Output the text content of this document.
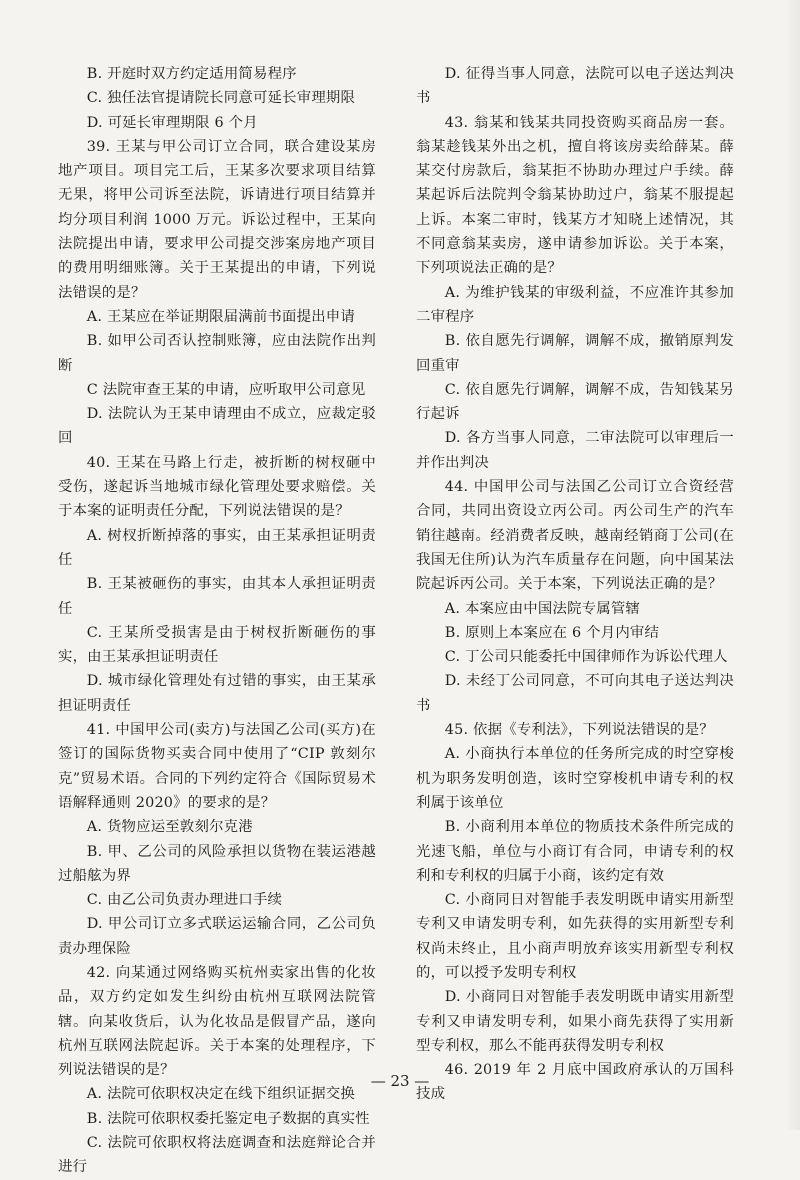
B. 开庭时双方约定适用简易程序

C. 独任法官提请院长同意可延长审理期限

D. 可延长审理期限 6 个月

39. 王某与甲公司订立合同，联合建设某房地产项目。项目完工后，王某多次要求项目结算无果，将甲公司诉至法院，诉请进行项目结算并均分项目利润 1000 万元。诉讼过程中，王某向法院提出申请，要求甲公司提交涉案房地产项目的费用明细账簿。关于王某提出的申请，下列说法错误的是？

A. 王某应在举证期限届满前书面提出申请

B. 如甲公司否认控制账簿，应由法院作出判断

C 法院审查王某的申请，应听取甲公司意见

D. 法院认为王某申请理由不成立，应裁定驳回

40. 王某在马路上行走，被折断的树杈砸中受伤，遂起诉当地城市绿化管理处要求赔偿。关于本案的证明责任分配，下列说法错误的是？

A. 树杈折断掉落的事实，由王某承担证明责任

B. 王某被砸伤的事实，由其本人承担证明责任

C. 王某所受损害是由于树杈折断砸伤的事实，由王某承担证明责任

D. 城市绿化管理处有过错的事实，由王某承担证明责任

41. 中国甲公司(卖方)与法国乙公司(买方)在签订的国际货物买卖合同中使用了“CIP 敦刻尔克”贸易术语。合同的下列约定符合《国际贸易术语解释通则 2020》的要求的是？

A. 货物应运至敦刻尔克港

B. 甲、乙公司的风险承担以货物在装运港越过船舷为界

C. 由乙公司负责办理进口手续

D. 甲公司订立多式联运运输合同，乙公司负责办理保险

42. 向某通过网络购买杭州卖家出售的化妆品，双方约定如发生纠纷由杭州互联网法院管辖。向某收货后，认为化妆品是假冒产品，遂向杭州互联网法院起诉。关于本案的处理程序，下列说法错误的是？

A. 法院可依职权决定在线下组织证据交换

B. 法院可依职权委托鉴定电子数据的真实性

C. 法院可依职权将法庭调查和法庭辩论合并进行

D. 征得当事人同意，法院可以电子送达判决书

43. 翁某和钱某共同投资购买商品房一套。翁某趁钱某外出之机，擅自将该房卖给薛某。薛某交付房款后，翁某拒不协助办理过户手续。薛某起诉后法院判令翁某协助过户，翁某不服提起上诉。本案二审时，钱某方才知晓上述情况，其不同意翁某卖房，遂申请参加诉讼。关于本案，下列项说法正确的是？

A. 为维护钱某的审级利益，不应准许其参加二审程序

B. 依自愿先行调解，调解不成，撤销原判发回重审

C. 依自愿先行调解，调解不成，告知钱某另行起诉

D. 各方当事人同意，二审法院可以审理后一并作出判决

44. 中国甲公司与法国乙公司订立合资经营合同，共同出资设立丙公司。丙公司生产的汽车销往越南。经消费者反映，越南经销商丁公司(在我国无住所)认为汽车质量存在问题，向中国某法院起诉丙公司。关于本案，下列说法正确的是？

A. 本案应由中国法院专属管辖

B. 原则上本案应在 6 个月内审结

C. 丁公司只能委托中国律师作为诉讼代理人

D. 未经丁公司同意，不可向其电子送达判决书

45. 依据《专利法》，下列说法错误的是？

A. 小商执行本单位的任务所完成的时空穿梭机为职务发明创造，该时空穿梭机申请专利的权利属于该单位

B. 小商利用本单位的物质技术条件所完成的光速飞船，单位与小商订有合同，申请专利的权利和专利权的归属于小商，该约定有效

C. 小商同日对智能手表发明既申请实用新型专利又申请发明专利，如先获得的实用新型专利权尚未终止，且小商声明放弃该实用新型专利权的，可以授予发明专利权

D. 小商同日对智能手表发明既申请实用新型专利又申请发明专利，如果小商先获得了实用新型专利权，那么不能再获得发明专利权

46. 2019 年 2 月底中国政府承认的万国科技成

— 23 —
